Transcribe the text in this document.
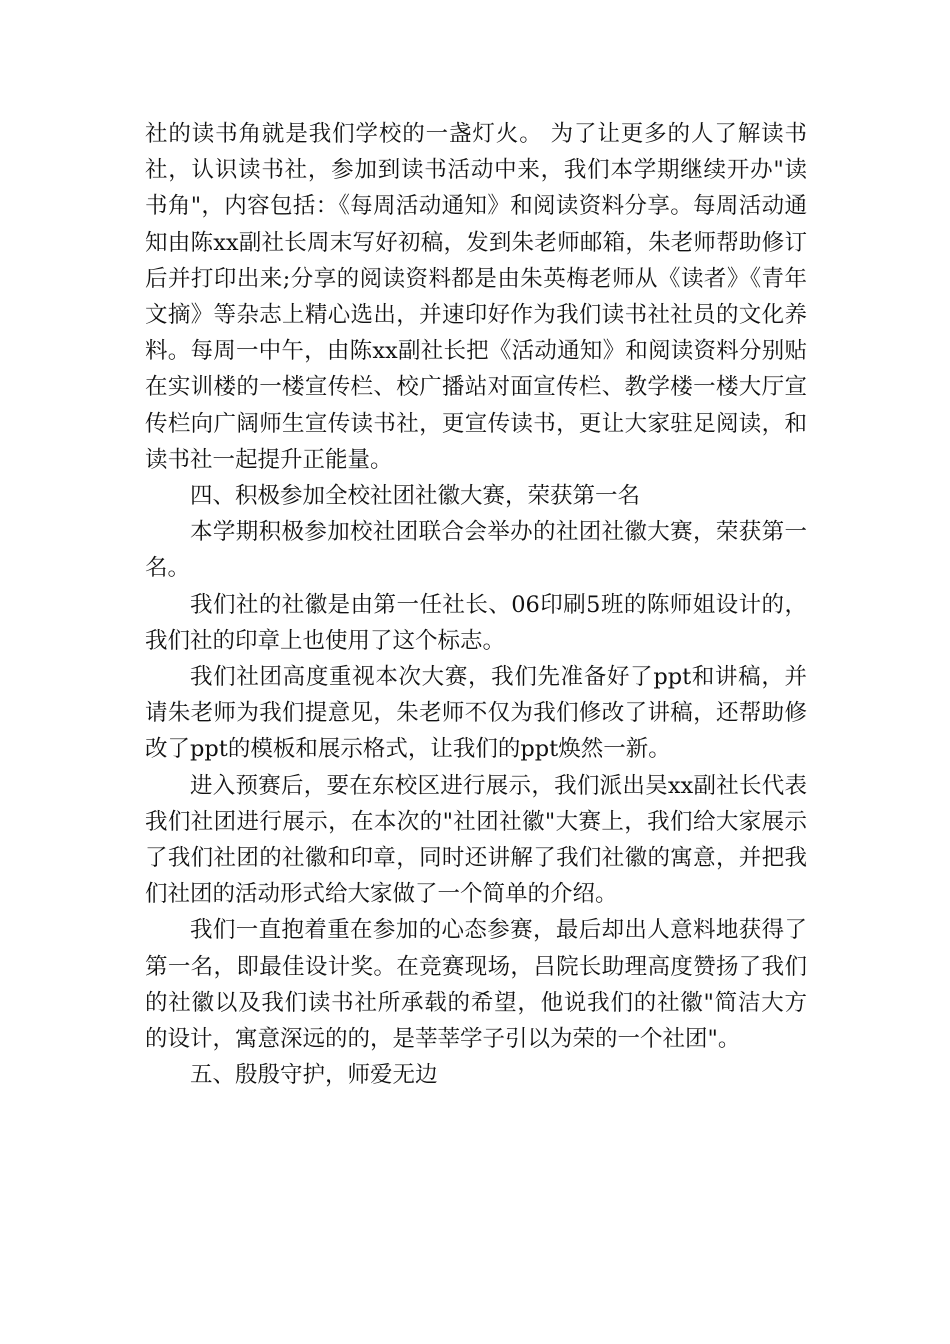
社的读书角就是我们学校的一盏灯火。 为了让更多的人了解读书社，认识读书社，参加到读书活动中来，我们本学期继续开办"读书角"，内容包括：《每周活动通知》和阅读资料分享。每周活动通知由陈xx副社长周末写好初稿，发到朱老师邮箱，朱老师帮助修订后并打印出来;分享的阅读资料都是由朱英梅老师从《读者》《青年文摘》等杂志上精心选出，并速印好作为我们读书社社员的文化养料。每周一中午，由陈xx副社长把《活动通知》和阅读资料分别贴在实训楼的一楼宣传栏、校广播站对面宣传栏、教学楼一楼大厅宣传栏向广阔师生宣传读书社，更宣传读书，更让大家驻足阅读，和读书社一起提升正能量。

四、积极参加全校社团社徽大赛，荣获第一名

本学期积极参加校社团联合会举办的社团社徽大赛，荣获第一名。

我们社的社徽是由第一任社长、06印刷5班的陈师姐设计的，我们社的印章上也使用了这个标志。

我们社团高度重视本次大赛，我们先准备好了ppt和讲稿，并请朱老师为我们提意见，朱老师不仅为我们修改了讲稿，还帮助修改了ppt的模板和展示格式，让我们的ppt焕然一新。

进入预赛后，要在东校区进行展示，我们派出吴xx副社长代表我们社团进行展示，在本次的"社团社徽"大赛上，我们给大家展示了我们社团的社徽和印章，同时还讲解了我们社徽的寓意，并把我们社团的活动形式给大家做了一个简单的介绍。

我们一直抱着重在参加的心态参赛，最后却出人意料地获得了第一名，即最佳设计奖。在竞赛现场，吕院长助理高度赞扬了我们的社徽以及我们读书社所承载的希望，他说我们的社徽"简洁大方的设计，寓意深远的的，是莘莘学子引以为荣的一个社团"。

五、殷殷守护，师爱无边
